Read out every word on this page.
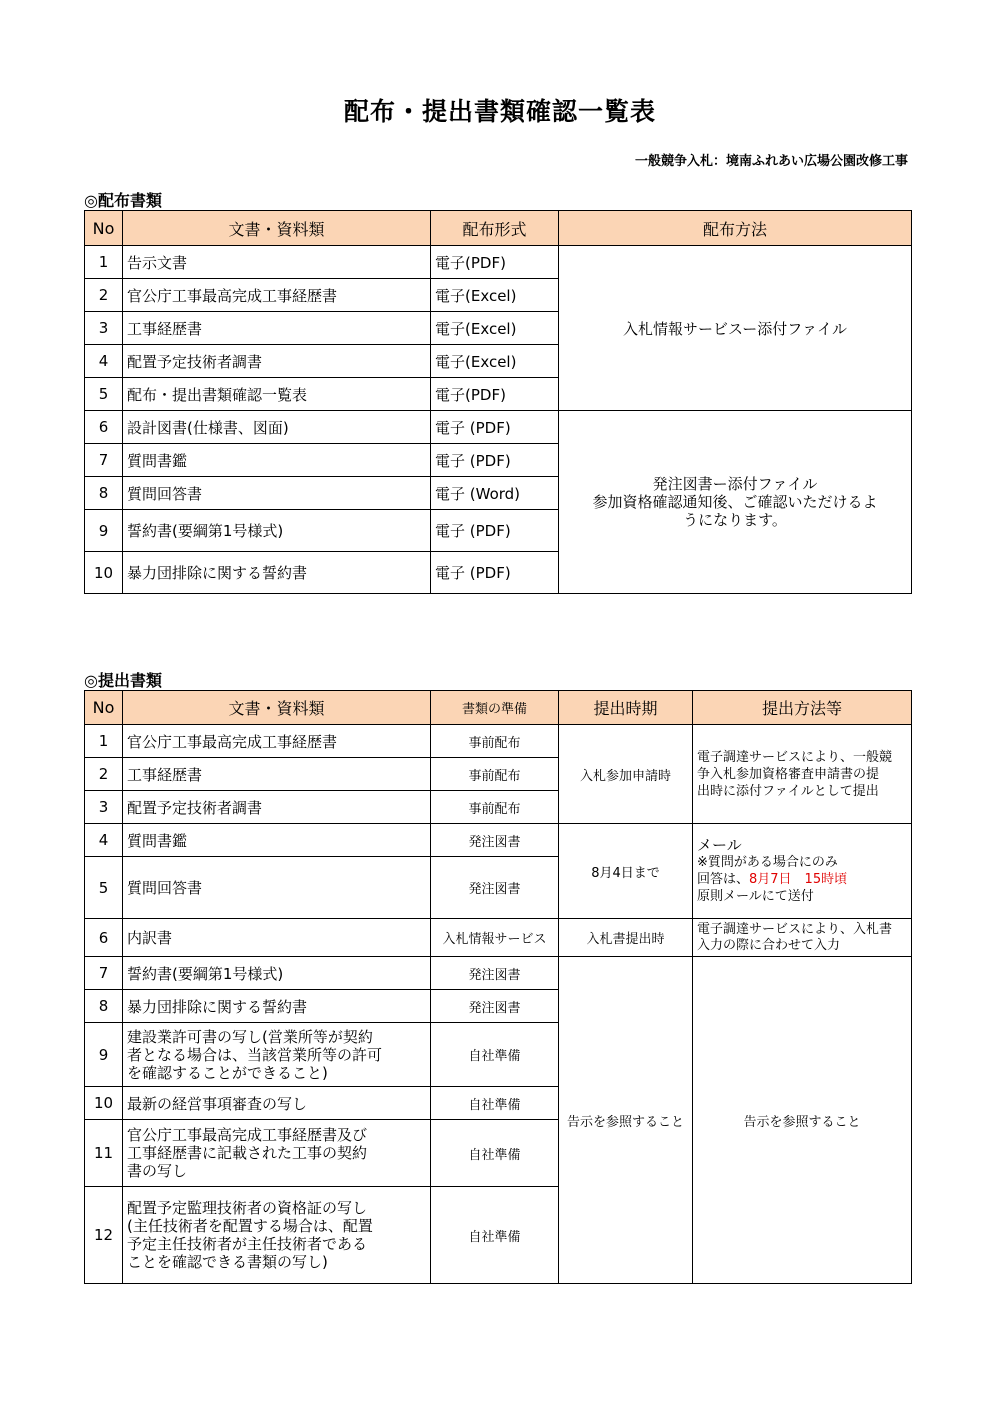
配布・提出書類確認一覧表
一般競争入札：境南ふれあい広場公園改修工事
◎配布書類
No	文書・資料類	配布形式	配布方法
1	告示文書	電子(PDF)	入札情報サービスー添付ファイル
2	官公庁工事最高完成工事経歴書	電子(Excel)	
3	工事経歴書	電子(Excel)	
4	配置予定技術者調書	電子(Excel)	
5	配布・提出書類確認一覧表	電子(PDF)	
6	設計図書(仕様書、図面)	電子 (PDF)	発注図書ー添付ファイル
参加資格確認通知後、ご確認いただけるよ
うになります。

7	質問書鑑	電子 (PDF)	
8	質問回答書	電子 (Word)	
9	誓約書(要綱第1号様式)	電子 (PDF)	
10	暴力団排除に関する誓約書	電子 (PDF)	
◎提出書類
No	文書・資料類	書類の準備	提出時期	提出方法等
1	官公庁工事最高完成工事経歴書	事前配布	入札参加申請時	電子調達サービスにより、一般競
争入札参加資格審査申請書の提
出時に添付ファイルとして提出

2	工事経歴書	事前配布		
3	配置予定技術者調書	事前配布		
4	質問書鑑	発注図書	8月4日まで	メール
※質問がある場合にのみ
回答は、8月7日　15時頃
原則メールにて送付

5	質問回答書	発注図書		
6	内訳書	入札情報サービス	入札書提出時	電子調達サービスにより、入札書
入力の際に合わせて入力

7	誓約書(要綱第1号様式)	発注図書	告示を参照すること	告示を参照すること
8	暴力団排除に関する誓約書	発注図書		
9	建設業許可書の写し(営業所等が契約
者となる場合は、当該営業所等の許可
を確認することができること)	自社準備		
10	最新の経営事項審査の写し	自社準備		
11	官公庁工事最高完成工事経歴書及び
工事経歴書に記載された工事の契約
書の写し	自社準備		
12	配置予定監理技術者の資格証の写し
(主任技術者を配置する場合は、配置
予定主任技術者が主任技術者である
ことを確認できる書類の写し)	自社準備		
